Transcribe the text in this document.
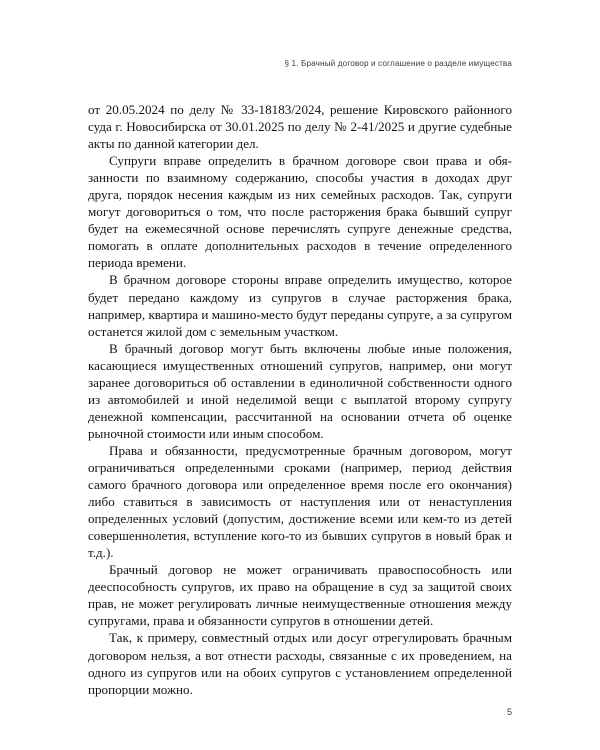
§ 1. Брачный договор и соглашение о разделе имущества

от 20.05.2024 по делу № 33-18183/2024, решение Кировского районного суда г. Новосибирска от 30.01.2025 по делу № 2-41/2025 и другие судебные акты по данной категории дел.

Супруги вправе определить в брачном договоре свои права и обязанности по взаимному содержанию, способы участия в доходах друг друга, порядок несения каждым из них семейных расходов. Так, супруги могут договориться о том, что после расторжения брака бывший супруг будет на ежемесячной основе перечислять супруге денежные средства, помогать в оплате дополнительных расходов в течение определенного периода времени.

В брачном договоре стороны вправе определить имущество, которое будет передано каждому из супругов в случае расторжения брака, например, квартира и машино-место будут переданы супруге, а за супругом останется жилой дом с земельным участком.

В брачный договор могут быть включены любые иные положения, касающиеся имущественных отношений супругов, например, они могут заранее договориться об оставлении в единоличной собственности одного из автомобилей и иной неделимой вещи с выплатой второму супругу денежной компенсации, рассчитанной на основании отчета об оценке рыночной стоимости или иным способом.

Права и обязанности, предусмотренные брачным договором, могут ограничиваться определенными сроками (например, период действия самого брачного договора или определенное время после его окончания) либо ставиться в зависимость от наступления или от ненаступления определенных условий (допустим, достижение всеми или кем-то из детей совершеннолетия, вступление кого-то из бывших супругов в новый брак и т.д.).

Брачный договор не может ограничивать правоспособность или дееспособность супругов, их право на обращение в суд за защитой своих прав, не может регулировать личные неимущественные отношения между супругами, права и обязанности супругов в отношении детей.

Так, к примеру, совместный отдых или досуг отрегулировать брачным договором нельзя, а вот отнести расходы, связанные с их проведением, на одного из супругов или на обоих супругов с установлением определенной пропорции можно.

5
